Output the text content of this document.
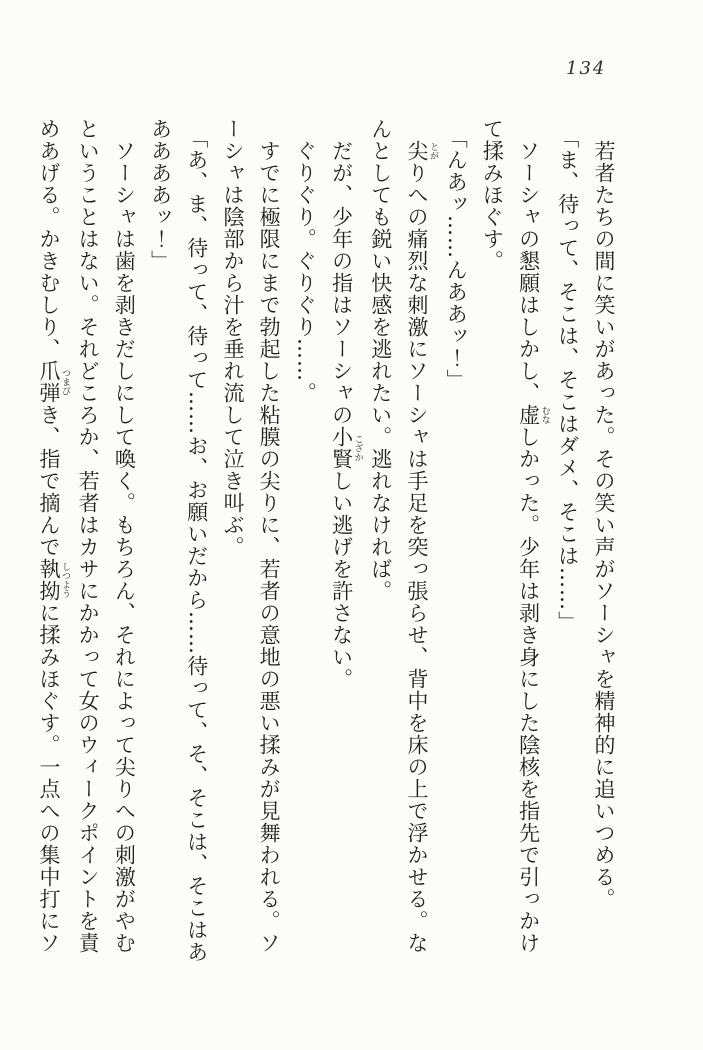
134

若者たちの間に笑いがあった。その笑い声がソーシャを精神的に追いつめる。

「ま、待って、そこは、そこはダメ、そこは……」

ソーシャの懇願はしかし、虚 むなしかった。少年は剥き身にした陰核を指先で引っかけ

て揉みほぐす。

「んあッ……んああッ！」

尖 とがりへの痛烈な刺激にソーシャは手足を突っ張らせ、背中を床の上で浮かせる。な

んとしても鋭い快感を逃れたい。逃れなければ。

だが、少年の指はソーシャの小賢 こざかしい逃げを許さない。

ぐりぐり。ぐりぐり……。

すでに極限にまで勃起した粘膜の尖りに、若者の意地の悪い揉みが見舞われる。ソ

ーシャは陰部から汁を垂れ流して泣き叫ぶ。

「あ、ま、待って、待って……お、お願いだから……待って、そ、そこは、そこはあ

ああああッ！」

ソーシャは歯を剥きだしにして喚く。もちろん、それによって尖りへの刺激がやむ

ということはない。それどころか、若者はカサにかかって女のウィークポイントを責

めあげる。かきむしり、爪弾 つまびき、指で摘んで執拗 しつように揉みほぐす。一点への集中打にソ
